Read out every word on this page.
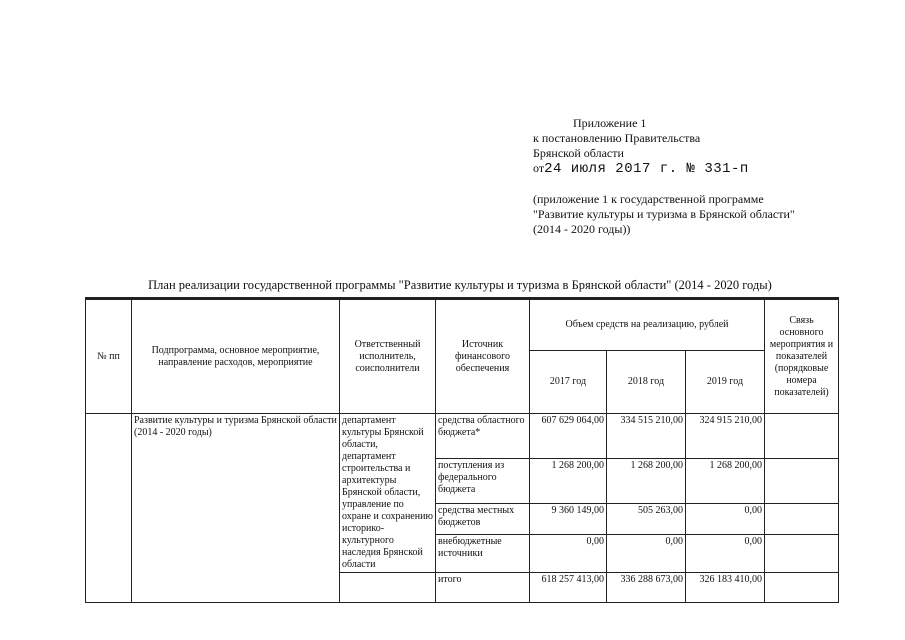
Приложение 1
к постановлению Правительства
Брянской области
от24 июля 2017 г. № 331-п
(приложение 1 к государственной программе
"Развитие культуры и туризма в Брянской области"
(2014 - 2020 годы))
План реализации государственной программы "Развитие культуры и туризма в Брянской области" (2014 - 2020 годы)
№ пп	Подпрограмма, основное мероприятие, направление расходов, мероприятие	Ответственный исполнитель, соисполнители	Источник финансового обеспечения	Объем средств на реализацию, рублей			Связь основного мероприятия и показателей (порядковые номера показателей)
				2017 год	2018 год	2019 год	
	Развитие культуры и туризма Брянской области (2014 - 2020 годы)	департамент культуры Брянской области, департамент строительства и архитектуры Брянской области, управление по охране и сохранению историко-культурного наследия Брянской области	средства областного бюджета*	607 629 064,00	334 515 210,00	324 915 210,00	
			поступления из федерального бюджета	1 268 200,00	1 268 200,00	1 268 200,00	
			средства местных бюджетов	9 360 149,00	505 263,00	0,00	
			внебюджетные источники	0,00	0,00	0,00	
			итого	618 257 413,00	336 288 673,00	326 183 410,00	
